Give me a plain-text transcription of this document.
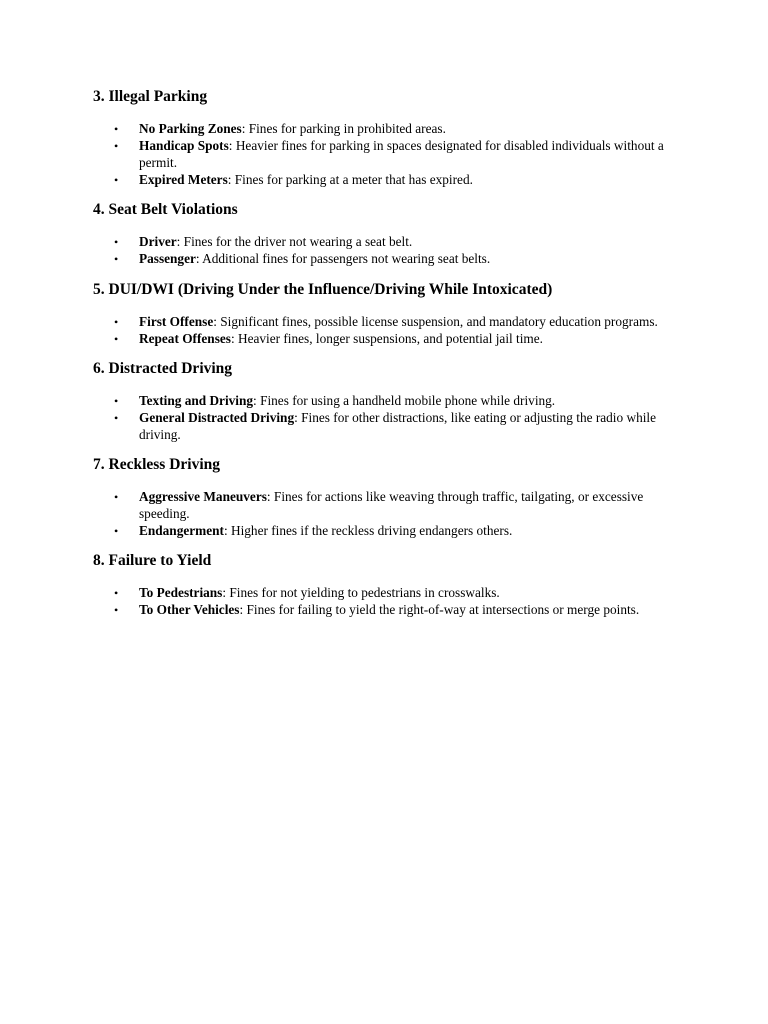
3. Illegal Parking
• No Parking Zones: Fines for parking in prohibited areas.
• Handicap Spots: Heavier fines for parking in spaces designated for disabled individuals without a permit.
• Expired Meters: Fines for parking at a meter that has expired.
4. Seat Belt Violations
• Driver: Fines for the driver not wearing a seat belt.
• Passenger: Additional fines for passengers not wearing seat belts.
5. DUI/DWI (Driving Under the Influence/Driving While Intoxicated)
• First Offense: Significant fines, possible license suspension, and mandatory education programs.
• Repeat Offenses: Heavier fines, longer suspensions, and potential jail time.
6. Distracted Driving
• Texting and Driving: Fines for using a handheld mobile phone while driving.
• General Distracted Driving: Fines for other distractions, like eating or adjusting the radio while driving.
7. Reckless Driving
• Aggressive Maneuvers: Fines for actions like weaving through traffic, tailgating, or excessive speeding.
• Endangerment: Higher fines if the reckless driving endangers others.
8. Failure to Yield
• To Pedestrians: Fines for not yielding to pedestrians in crosswalks.
• To Other Vehicles: Fines for failing to yield the right-of-way at intersections or merge points.
